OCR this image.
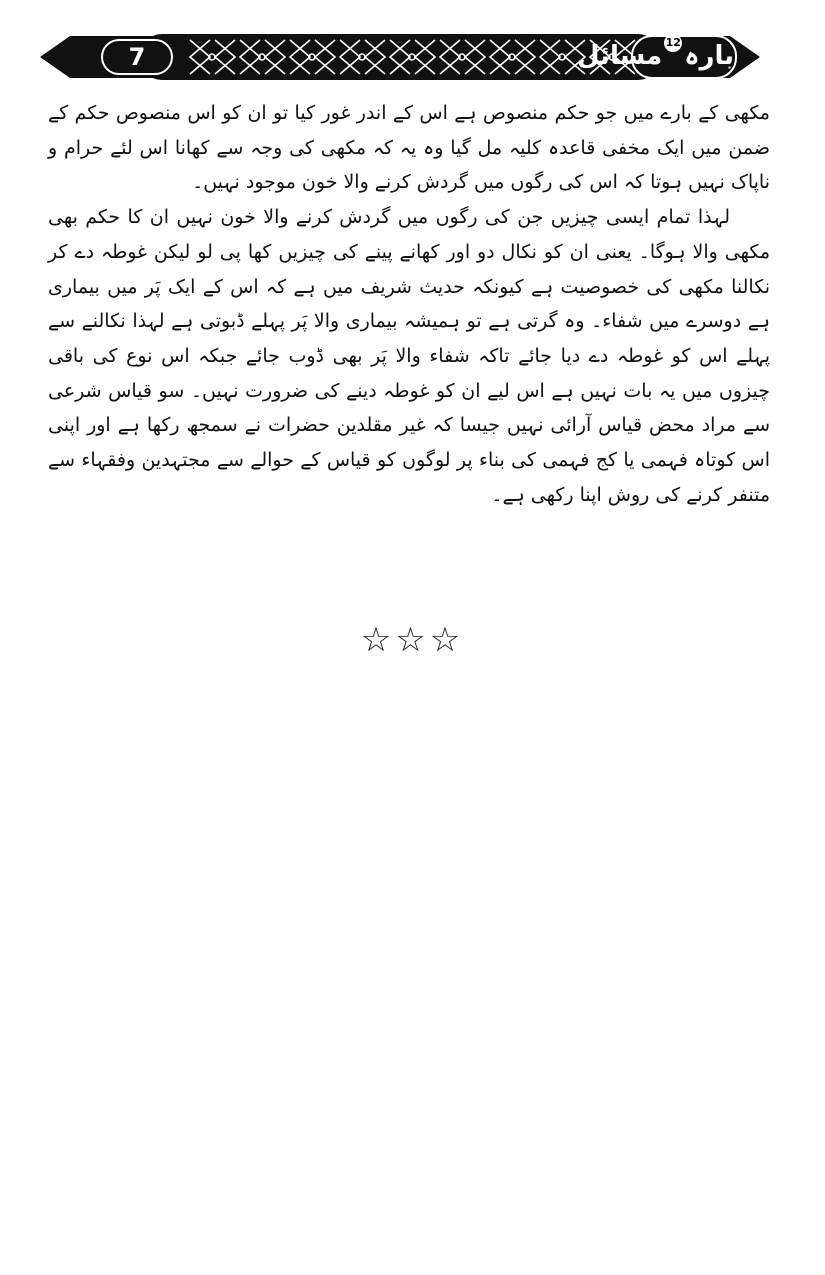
7	بارہ12مسائل

مکھی کے بارے میں جو حکم منصوص ہے اس کے اندر غور کیا تو ان کو اس منصوص حکم کے ضمن میں ایک مخفی قاعدہ کلیہ مل گیا وہ یہ کہ مکھی کی وجہ سے کھانا اس لئے حرام و ناپاک نہیں ہوتا کہ اس کی رگوں میں گردش کرنے والا خون موجود نہیں۔

لہذا تمام ایسی چیزیں جن کی رگوں میں گردش کرنے والا خون نہیں ان کا حکم بھی مکھی والا ہوگا۔ یعنی ان کو نکال دو اور کھانے پینے کی چیزیں کھا پی لو لیکن غوطہ دے کر نکالنا مکھی کی خصوصیت ہے کیونکہ حدیث شریف میں ہے کہ اس کے ایک پَر میں بیماری ہے دوسرے میں شفاء۔ وہ گرتی ہے تو ہمیشہ بیماری والا پَر پہلے ڈبوتی ہے لہذا نکالنے سے پہلے اس کو غوطہ دے دیا جائے تاکہ شفاء والا پَر بھی ڈوب جائے جبکہ اس نوع کی باقی چیزوں میں یہ بات نہیں ہے اس لیے ان کو غوطہ دینے کی ضرورت نہیں۔ سو قیاس شرعی سے مراد محض قیاس آرائی نہیں جیسا کہ غیر مقلدین حضرات نے سمجھ رکھا ہے اور اپنی اس کوتاہ فہمی یا کج فہمی کی بناء پر لوگوں کو قیاس کے حوالے سے مجتہدین وفقہاء سے متنفر کرنے کی روش اپنا رکھی ہے۔

☆☆☆
